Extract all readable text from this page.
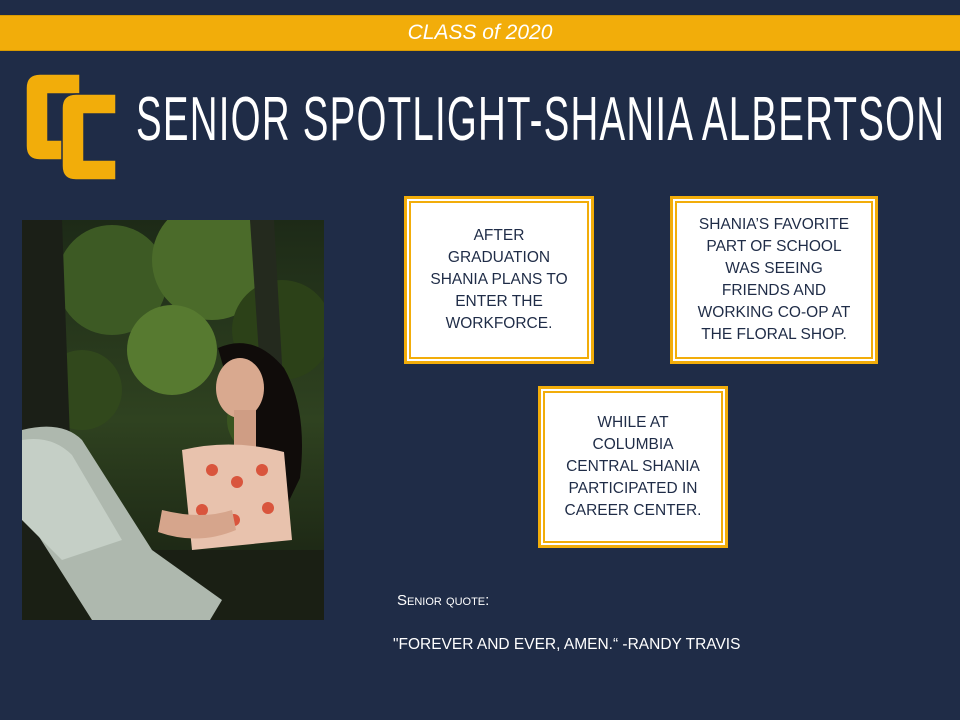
CLASS of 2020
SENIOR SPOTLIGHT-SHANIA ALBERTSON
AFTER GRADUATION SHANIA PLANS TO ENTER THE WORKFORCE.
SHANIA’S FAVORITE PART OF SCHOOL WAS SEEING FRIENDS AND WORKING CO-OP AT THE FLORAL SHOP.
WHILE AT COLUMBIA CENTRAL SHANIA PARTICIPATED IN CAREER CENTER.
Senior quote:
"FOREVER AND EVER, AMEN.“ -RANDY TRAVIS
